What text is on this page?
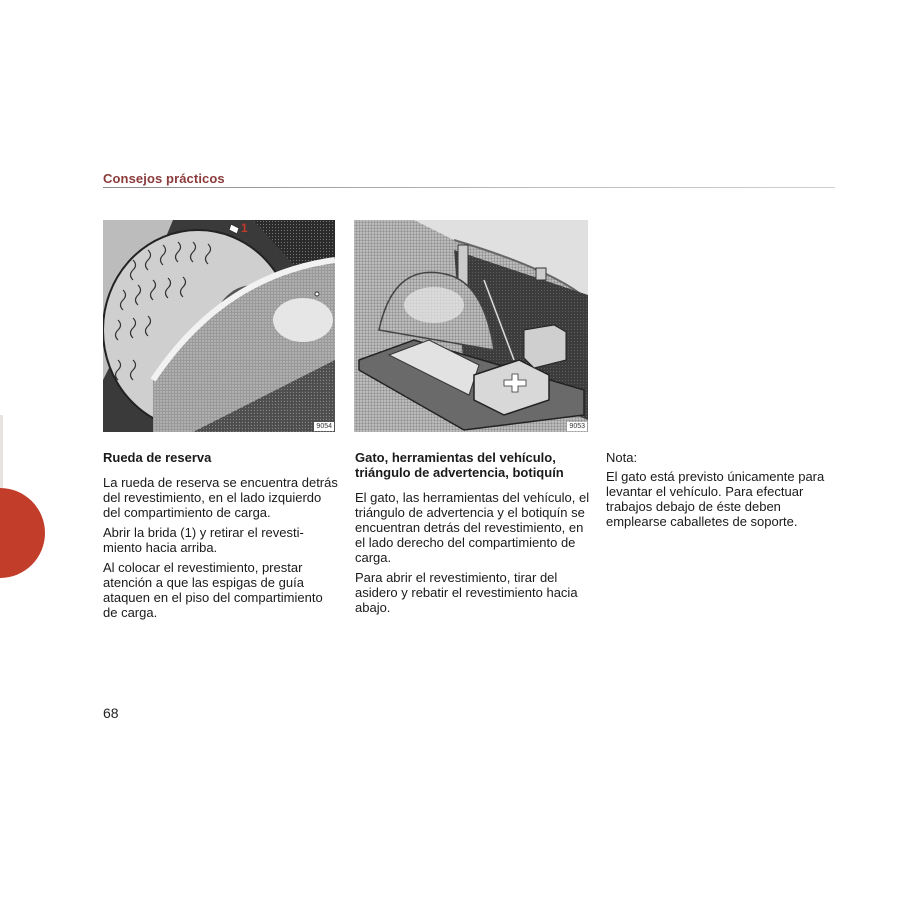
Consejos prácticos
1
9054	9053

Rueda de reserva

La rueda de reserva se encuentra detrás del revestimiento, en el lado izquierdo del compartimiento de carga.

Abrir la brida (1) y retirar el revestimiento hacia arriba.

Al colocar el revestimiento, prestar atención a que las espigas de guía ataquen en el piso del compartimiento de carga.

Gato, herramientas del vehículo, triángulo de advertencia, botiquín

El gato, las herramientas del vehículo, el triángulo de advertencia y el botiquín se encuentran detrás del revestimiento, en el lado derecho del compartimiento de carga.

Para abrir el revestimiento, tirar del asidero y rebatir el revestimiento hacia abajo.

Nota:

El gato está previsto únicamente para levantar el vehículo. Para efectuar trabajos debajo de éste deben emplearse caballetes de soporte.

68
